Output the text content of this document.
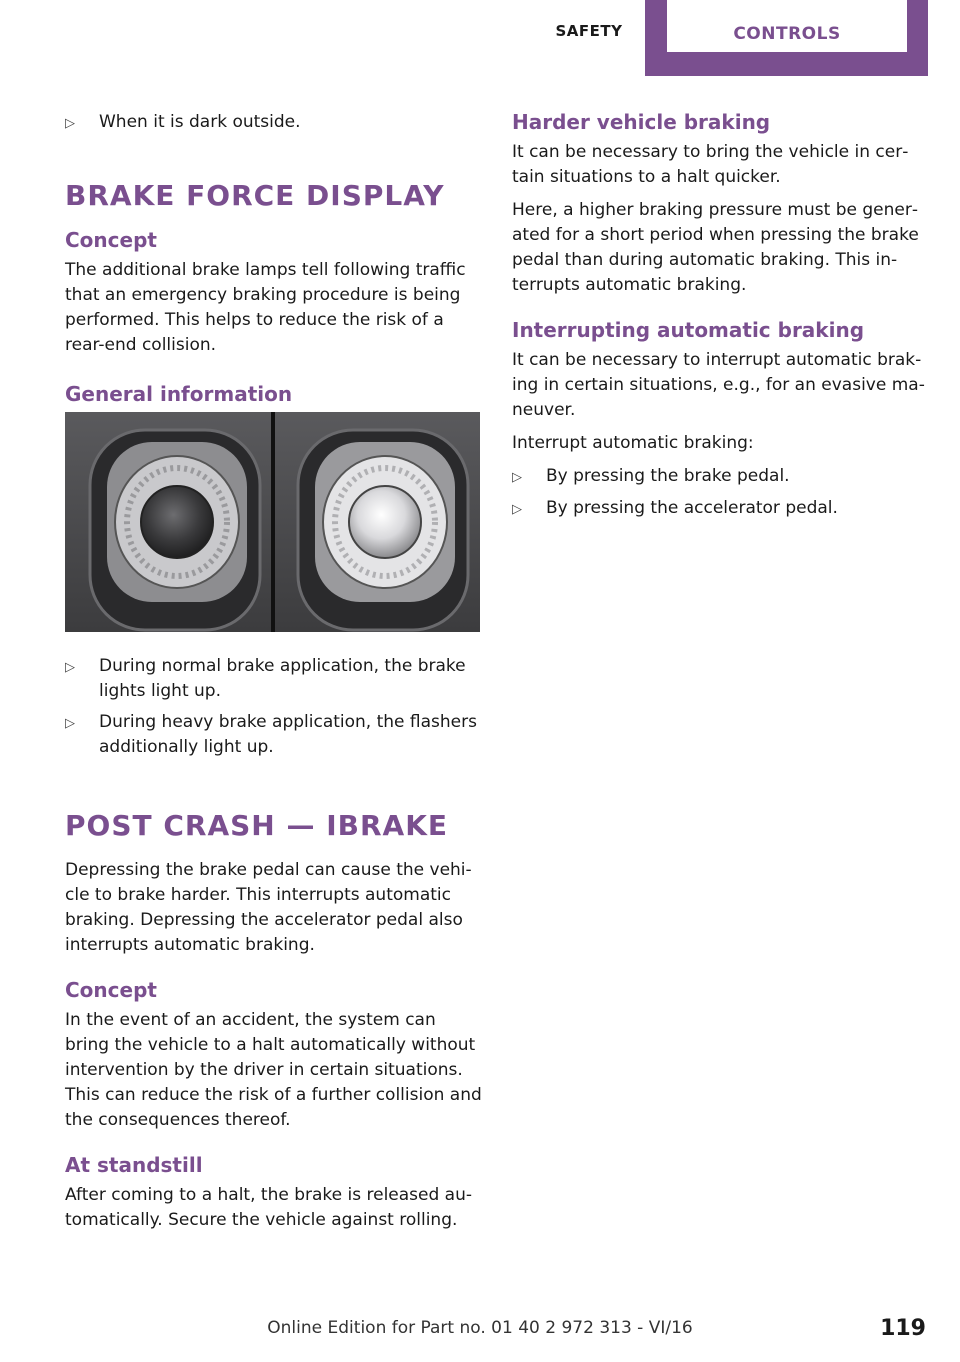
SAFETY	CONTROLS
▷	When it is dark outside.
BRAKE FORCE DISPLAY
Concept

The additional brake lamps tell following traffic that an emergency braking procedure is being performed. This helps to reduce the risk of a rear-end collision.

General information
▷	During normal brake application, the brake lights light up.
▷	During heavy brake application, the flashers additionally light up.
POST CRASH — IBRAKE

Depressing the brake pedal can cause the vehicle to brake harder. This interrupts automatic braking. Depressing the accelerator pedal also interrupts automatic braking.

Concept

In the event of an accident, the system can bring the vehicle to a halt automatically without intervention by the driver in certain situations. This can reduce the risk of a further collision and the consequences thereof.

At standstill

After coming to a halt, the brake is released automatically. Secure the vehicle against rolling.

Harder vehicle braking

It can be necessary to bring the vehicle in certain situations to a halt quicker.

Here, a higher braking pressure must be generated for a short period when pressing the brake pedal than during automatic braking. This interrupts automatic braking.

Interrupting automatic braking

It can be necessary to interrupt automatic braking in certain situations, e.g., for an evasive maneuver.

Interrupt automatic braking:

▷	By pressing the brake pedal.
▷	By pressing the accelerator pedal.
Online Edition for Part no. 01 40 2 972 313 - VI/16	119
